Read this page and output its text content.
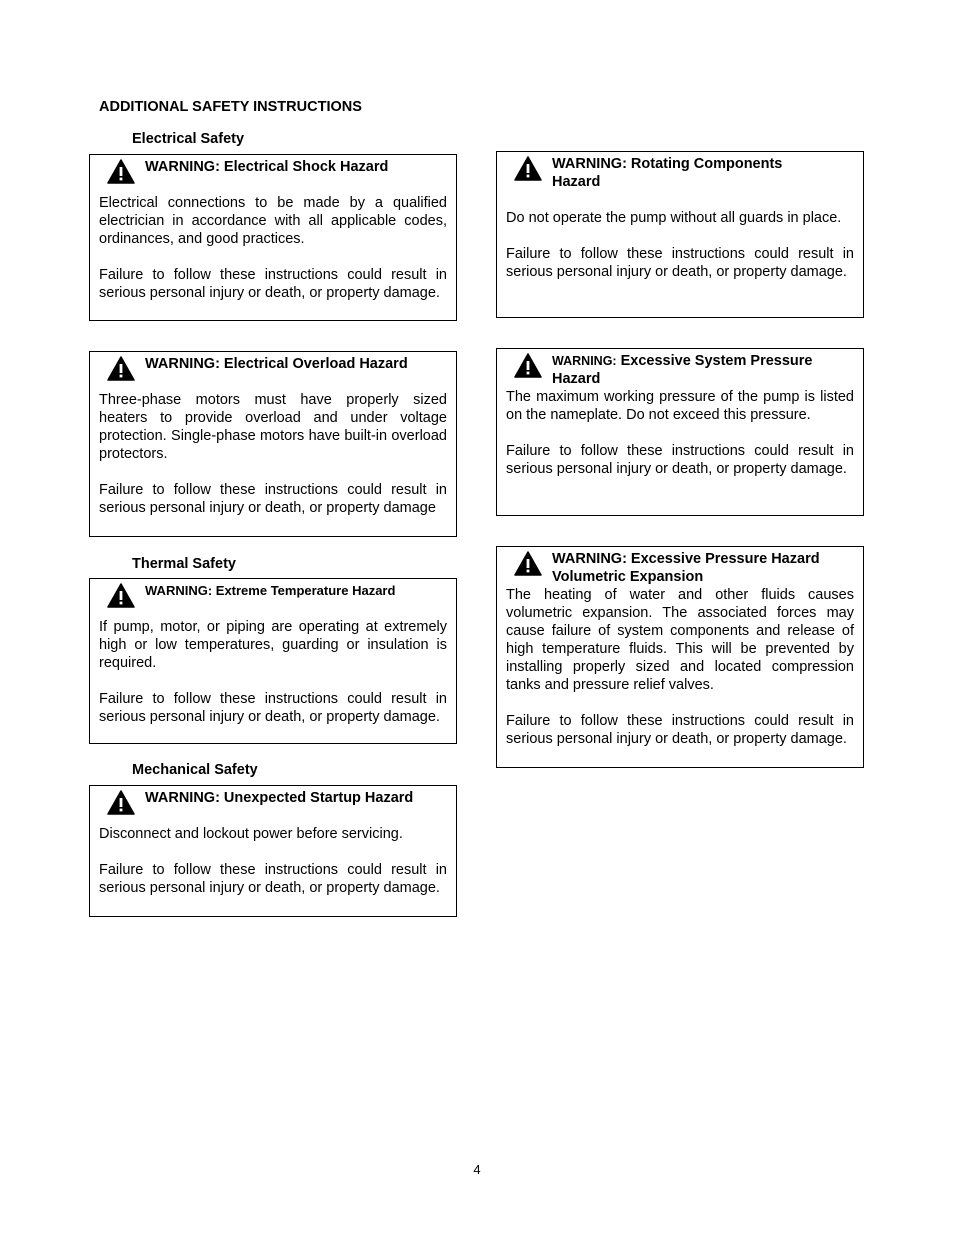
ADDITIONAL SAFETY INSTRUCTIONS
Electrical Safety
WARNING: Electrical Shock Hazard

Electrical connections to be made by a qualified electrician in accordance with all applicable codes, ordinances, and good practices.

Failure to follow these instructions could result in serious personal injury or death, or property damage.

WARNING: Electrical Overload Hazard

Three-phase motors must have properly sized heaters to provide overload and under voltage protection. Single-phase motors have built-in overload protectors.

Failure to follow these instructions could result in serious personal injury or death, or property damage

Thermal Safety
WARNING: Extreme Temperature Hazard

If pump, motor, or piping are operating at extremely high or low temperatures, guarding or insulation is required.

Failure to follow these instructions could result in serious personal injury or death, or property damage.

Mechanical Safety
WARNING: Unexpected Startup Hazard

Disconnect and lockout power before servicing.

Failure to follow these instructions could result in serious personal injury or death, or property damage.

WARNING: Rotating Components
Hazard

Do not operate the pump without all guards in place.

Failure to follow these instructions could result in serious personal injury or death, or property damage.

WARNING: Excessive System Pressure
Hazard

The maximum working pressure of the pump is listed on the nameplate. Do not exceed this pressure.

Failure to follow these instructions could result in serious personal injury or death, or property damage.

WARNING: Excessive Pressure Hazard
Volumetric Expansion

The heating of water and other fluids causes volumetric expansion. The associated forces may cause failure of system components and release of high temperature fluids. This will be prevented by installing properly sized and located compression tanks and pressure relief valves.

Failure to follow these instructions could result in serious personal injury or death, or property damage.

4
